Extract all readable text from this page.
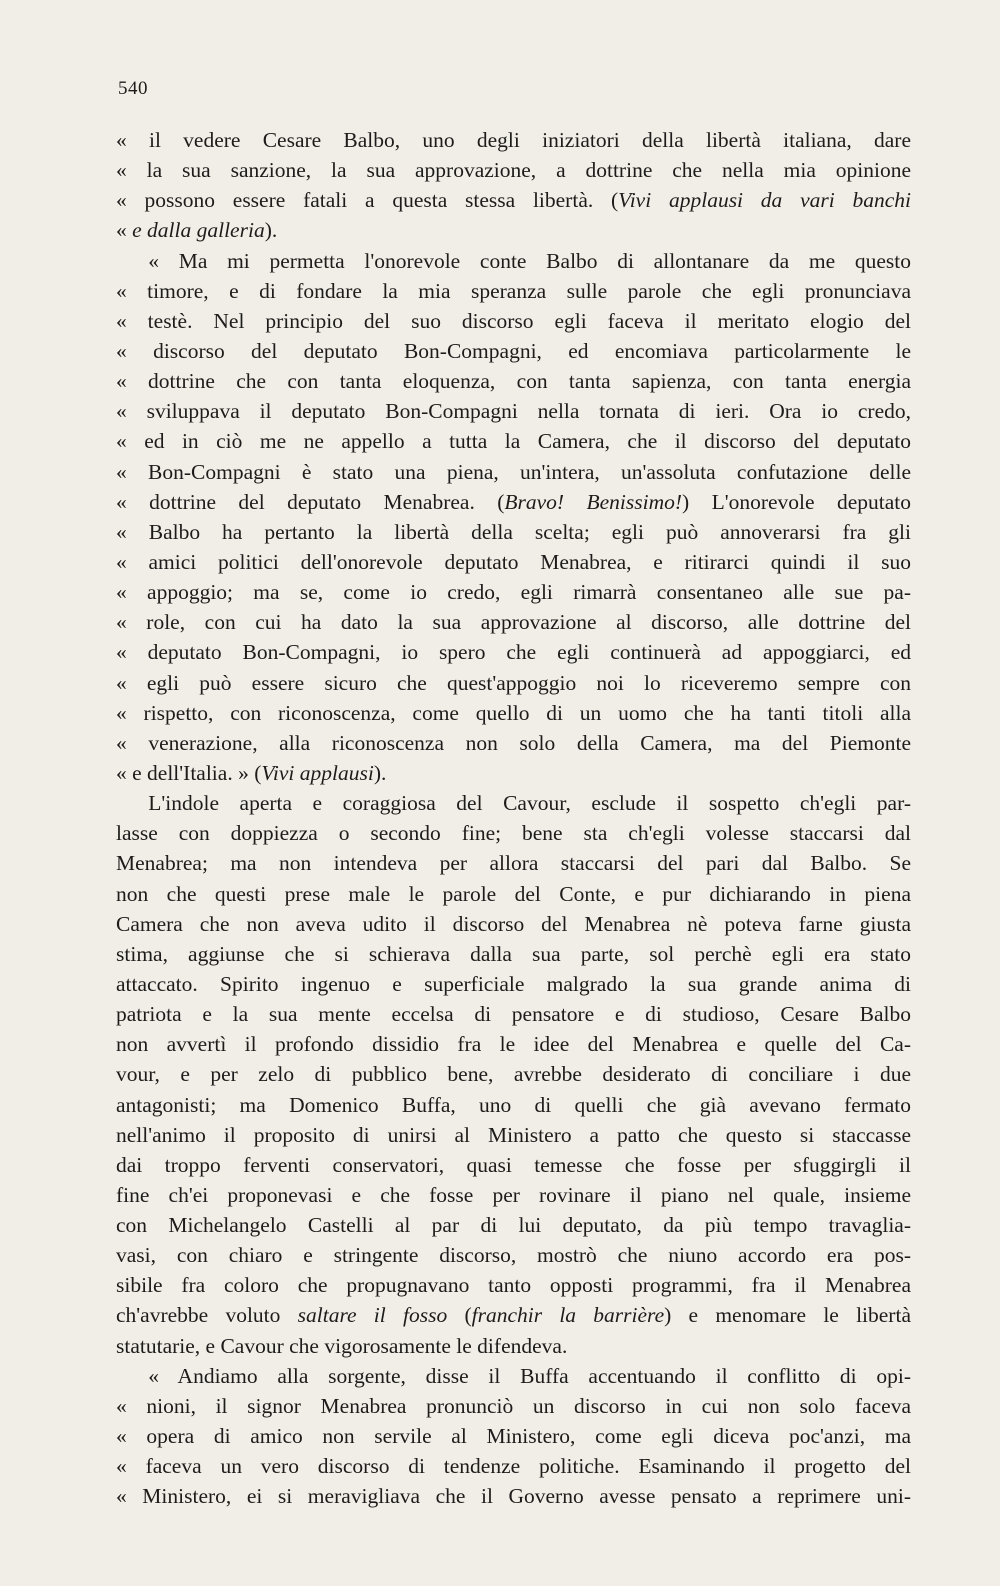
540
« il vedere Cesare Balbo, uno degli iniziatori della libertà italiana, dare
« la sua sanzione, la sua approvazione, a dottrine che nella mia opinione
« possono essere fatali a questa stessa libertà. (Vivi applausi da vari banchi
« e dalla galleria).
  « Ma mi permetta l'onorevole conte Balbo di allontanare da me questo
« timore, e di fondare la mia speranza sulle parole che egli pronunciava
« testè. Nel principio del suo discorso egli faceva il meritato elogio del
« discorso del deputato Bon-Compagni, ed encomiava particolarmente le
« dottrine che con tanta eloquenza, con tanta sapienza, con tanta energia
« sviluppava il deputato Bon-Compagni nella tornata di ieri. Ora io credo,
« ed in ciò me ne appello a tutta la Camera, che il discorso del deputato
« Bon-Compagni è stato una piena, un'intera, un'assoluta confutazione delle
« dottrine del deputato Menabrea. (Bravo! Benissimo!) L'onorevole deputato
« Balbo ha pertanto la libertà della scelta; egli può annoverarsi fra gli
« amici politici dell'onorevole deputato Menabrea, e ritirarci quindi il suo
« appoggio; ma se, come io credo, egli rimarrà consentaneo alle sue pa-
« role, con cui ha dato la sua approvazione al discorso, alle dottrine del
« deputato Bon-Compagni, io spero che egli continuerà ad appoggiarci, ed
« egli può essere sicuro che quest'appoggio noi lo riceveremo sempre con
« rispetto, con riconoscenza, come quello di un uomo che ha tanti titoli alla
« venerazione, alla riconoscenza non solo della Camera, ma del Piemonte
« e dell'Italia. » (Vivi applausi).
  L'indole aperta e coraggiosa del Cavour, esclude il sospetto ch'egli par-
lasse con doppiezza o secondo fine; bene sta ch'egli volesse staccarsi dal
Menabrea; ma non intendeva per allora staccarsi del pari dal Balbo. Se
non che questi prese male le parole del Conte, e pur dichiarando in piena
Camera che non aveva udito il discorso del Menabrea nè poteva farne giusta
stima, aggiunse che si schierava dalla sua parte, sol perchè egli era stato
attaccato. Spirito ingenuo e superficiale malgrado la sua grande anima di
patriota e la sua mente eccelsa di pensatore e di studioso, Cesare Balbo
non avvertì il profondo dissidio fra le idee del Menabrea e quelle del Ca-
vour, e per zelo di pubblico bene, avrebbe desiderato di conciliare i due
antagonisti; ma Domenico Buffa, uno di quelli che già avevano fermato
nell'animo il proposito di unirsi al Ministero a patto che questo si staccasse
dai troppo ferventi conservatori, quasi temesse che fosse per sfuggirgli il
fine ch'ei proponevasi e che fosse per rovinare il piano nel quale, insieme
con Michelangelo Castelli al par di lui deputato, da più tempo travaglia-
vasi, con chiaro e stringente discorso, mostrò che niuno accordo era pos-
sibile fra coloro che propugnavano tanto opposti programmi, fra il Menabrea
ch'avrebbe voluto saltare il fosso (franchir la barrière) e menomare le libertà
statutarie, e Cavour che vigorosamente le difendeva.
  « Andiamo alla sorgente, disse il Buffa accentuando il conflitto di opi-
« nioni, il signor Menabrea pronunciò un discorso in cui non solo faceva
« opera di amico non servile al Ministero, come egli diceva poc'anzi, ma
« faceva un vero discorso di tendenze politiche. Esaminando il progetto del
« Ministero, ei si meravigliava che il Governo avesse pensato a reprimere uni-
